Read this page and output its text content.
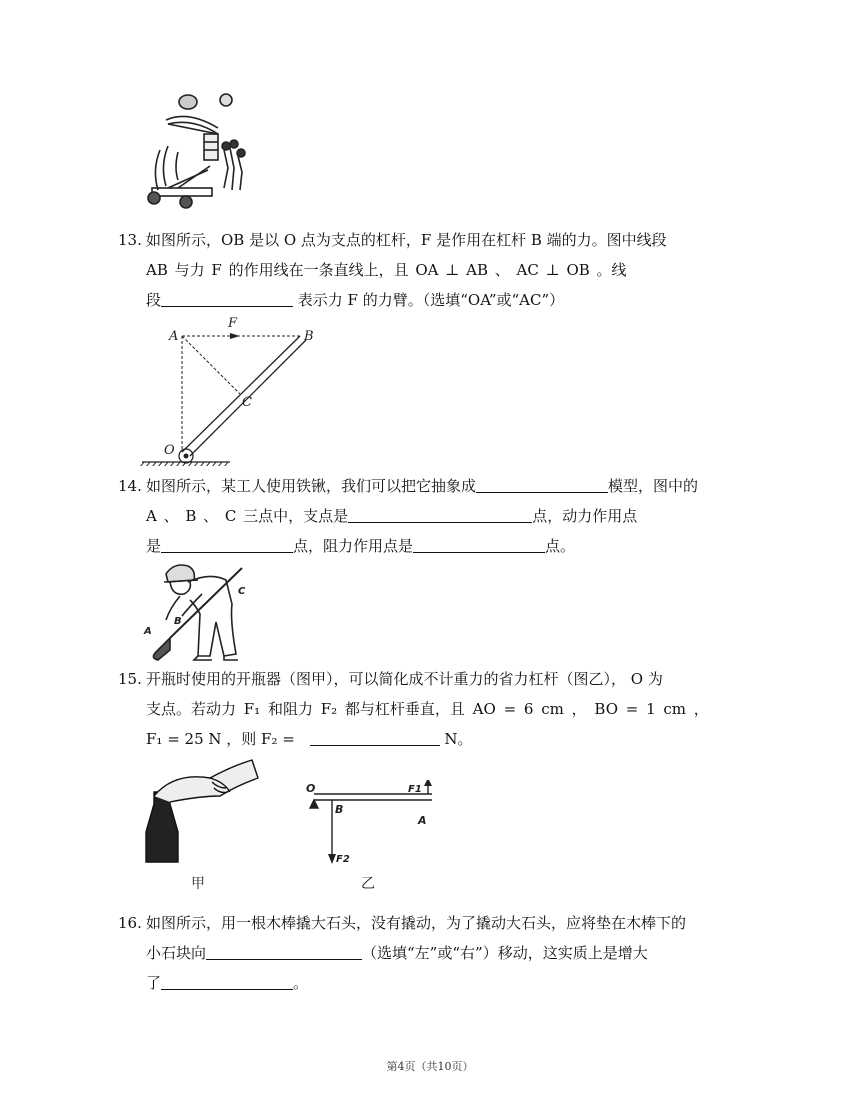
13. 如图所示，OB 是以 O 点为支点的杠杆，F 是作用在杠杆 B 端的力。图中线段
AB 与力 F 的作用线在一条直线上，且 OA ⊥ AB 、 AC ⊥ OB 。线
段	表示力 F 的力臂。（选填“OA”或“AC”）
A	B
C
O
F
14. 如图所示，某工人使用铁锹，我们可以把它抽象成	模型，图中的
A 、 B 、 C 三点中，支点是	点，动力作用点
是	点，阻力作用点是	点。
A
B
C
15. 开瓶时使用的开瓶器（图甲），可以简化成不计重力的省力杠杆（图乙）， O 为
支点。若动力 F₁ 和阻力 F₂ 都与杠杆垂直，且 AO = 6 cm ， BO = 1 cm ，
F₁ = 25 N ，则 F₂ =	N。
甲
O
B
A
F1
F2
乙
16. 如图所示，用一根木棒撬大石头，没有撬动，为了撬动大石头，应将垫在木棒下的
小石块向	（选填“左”或“右”）移动，这实质上是增大
了	。
第4页（共10页）
